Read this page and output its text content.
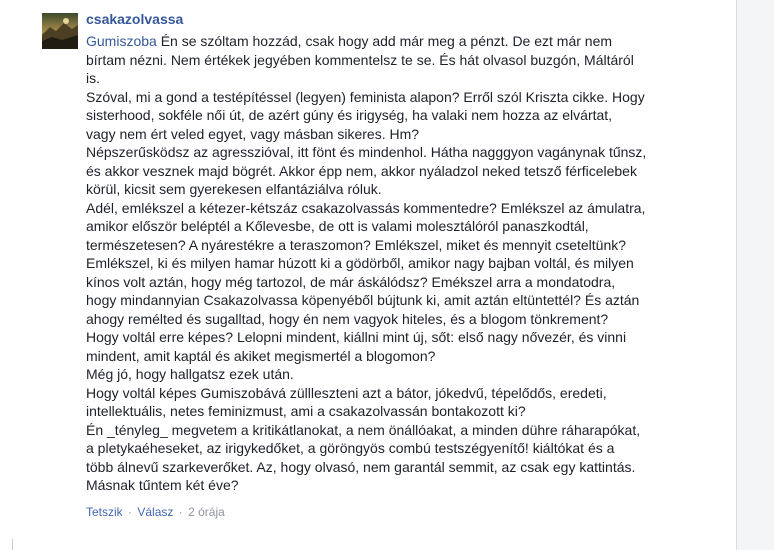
csakazolvassa
Gumiszoba Én se szóltam hozzád, csak hogy add már meg a pénzt. De ezt már nem
bírtam nézni. Nem értékek jegyében kommentelsz te se. És hát olvasol buzgón, Máltáról
is.
Szóval, mi a gond a testépítéssel (legyen) feminista alapon? Erről szól Kriszta cikke. Hogy
sisterhood, sokféle női út, de azért gúny és irigység, ha valaki nem hozza az elvártat,
vagy nem ért veled egyet, vagy másban sikeres. Hm?
Népszerűsködsz az agresszióval, itt fönt és mindenhol. Hátha nagggyon vagánynak tűnsz,
és akkor vesznek majd bögrét. Akkor épp nem, akkor nyáladzol neked tetsző férficelebek
körül, kicsit sem gyerekesen elfantáziálva róluk.
Adél, emlékszel a kétezer-kétszáz csakazolvassás kommentedre? Emlékszel az ámulatra,
amikor először beléptél a Kőlevesbe, de ott is valami molesztálóról panaszkodtál,
természetesen? A nyárestékre a teraszomon? Emlékszel, miket és mennyit cseteltünk?
Emlékszel, ki és milyen hamar húzott ki a gödörből, amikor nagy bajban voltál, és milyen
kínos volt aztán, hogy még tartozol, de már áskálódsz? Emékszel arra a mondatodra,
hogy mindannyian Csakazolvassa köpenyéből bújtunk ki, amit aztán eltüntettél? És aztán
ahogy remélted és sugalltad, hogy én nem vagyok hiteles, és a blogom tönkrement?
Hogy voltál erre képes? Lelopni mindent, kiállni mint új, sőt: első nagy nővezér, és vinni
mindent, amit kaptál és akiket megismertél a blogomon?
Még jó, hogy hallgatsz ezek után.
Hogy voltál képes Gumiszobává züllleszteni azt a bátor, jókedvű, tépelődős, eredeti,
intellektuális, netes feminizmust, ami a csakazolvassán bontakozott ki?
Én _tényleg_ megvetem a kritikátlanokat, a nem önállóakat, a minden dühre ráharapókat,
a pletykaéheseket, az irigykedőket, a göröngyös combú testszégyenítő! kiáltókat és a
több álnevű szarkeverőket. Az, hogy olvasó, nem garantál semmit, az csak egy kattintás.
Másnak tűntem két éve?
Tetszik · Válasz · 2 órája
